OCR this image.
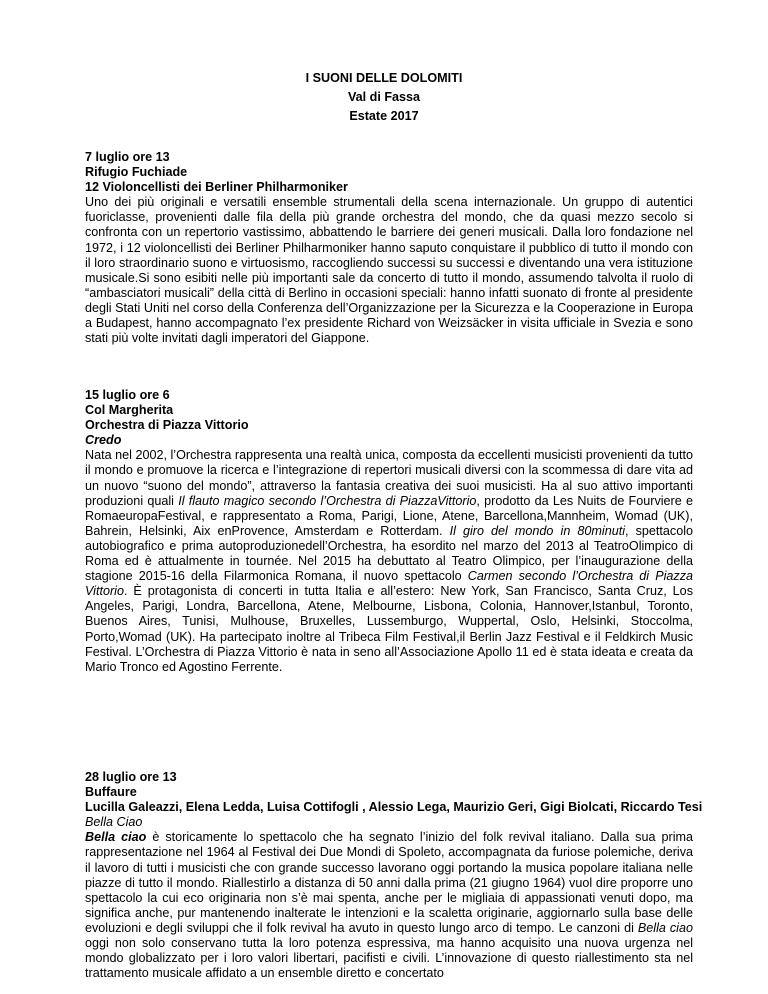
I SUONI DELLE DOLOMITI
Val di Fassa
Estate 2017
7 luglio ore 13
Rifugio Fuchiade
12 Violoncellisti dei Berliner Philharmoniker
Uno dei più originali e versatili ensemble strumentali della scena internazionale. Un gruppo di autentici fuoriclasse, provenienti dalle fila della più grande orchestra del mondo, che da quasi mezzo secolo si confronta con un repertorio vastissimo, abbattendo le barriere dei generi musicali. Dalla loro fondazione nel 1972, i 12 violoncellisti dei Berliner Philharmoniker hanno saputo conquistare il pubblico di tutto il mondo con il loro straordinario suono e virtuosismo, raccogliendo successi su successi e diventando una vera istituzione musicale.Si sono esibiti nelle più importanti sale da concerto di tutto il mondo, assumendo talvolta il ruolo di “ambasciatori musicali” della città di Berlino in occasioni speciali: hanno infatti suonato di fronte al presidente degli Stati Uniti nel corso della Conferenza dell’Organizzazione per la Sicurezza e la Cooperazione in Europa a Budapest, hanno accompagnato l’ex presidente Richard von Weizsäcker in visita ufficiale in Svezia e sono stati più volte invitati dagli imperatori del Giappone.
15 luglio ore 6
Col Margherita
Orchestra di Piazza Vittorio
Credo
Nata nel 2002, l’Orchestra rappresenta una realtà unica, composta da eccellenti musicisti provenienti da tutto il mondo e promuove la ricerca e l’integrazione di repertori musicali diversi con la scommessa di dare vita ad un nuovo “suono del mondo”, attraverso la fantasia creativa dei suoi musicisti. Ha al suo attivo importanti produzioni quali Il flauto magico secondo l’Orchestra di PiazzaVittorio, prodotto da Les Nuits de Fourviere e RomaeuropaFestival, e rappresentato a Roma, Parigi, Lione, Atene, Barcellona,Mannheim, Womad (UK), Bahrein, Helsinki, Aix enProvence, Amsterdam e Rotterdam. Il giro del mondo in 80minuti, spettacolo autobiografico e prima autoproduzionedell’Orchestra, ha esordito nel marzo del 2013 al TeatroOlimpico di Roma ed è attualmente in tournée. Nel 2015 ha debuttato al Teatro Olimpico, per l’inaugurazione della stagione 2015-16 della Filarmonica Romana, il nuovo spettacolo Carmen secondo l’Orchestra di Piazza Vittorio. È protagonista di concerti in tutta Italia e all’estero: New York, San Francisco, Santa Cruz, Los Angeles, Parigi, Londra, Barcellona, Atene, Melbourne, Lisbona, Colonia, Hannover,Istanbul, Toronto, Buenos Aires, Tunisi, Mulhouse, Bruxelles, Lussemburgo, Wuppertal, Oslo, Helsinki, Stoccolma, Porto,Womad (UK). Ha partecipato inoltre al Tribeca Film Festival,il Berlin Jazz Festival e il Feldkirch Music Festival. L’Orchestra di Piazza Vittorio è nata in seno all’Associazione Apollo 11 ed è stata ideata e creata da Mario Tronco ed Agostino Ferrente.
28 luglio ore 13
Buffaure
Lucilla Galeazzi, Elena Ledda, Luisa Cottifogli , Alessio Lega, Maurizio Geri, Gigi Biolcati, Riccardo Tesi
Bella Ciao
Bella ciao è storicamente lo spettacolo che ha segnato l’inizio del folk revival italiano. Dalla sua prima rappresentazione nel 1964 al Festival dei Due Mondi di Spoleto, accompagnata da furiose polemiche, deriva il lavoro di tutti i musicisti che con grande successo lavorano oggi portando la musica popolare italiana nelle piazze di tutto il mondo. Riallestirlo a distanza di 50 anni dalla prima (21 giugno 1964) vuol dire proporre uno spettacolo la cui eco originaria non s’è mai spenta, anche per le migliaia di appassionati venuti dopo, ma significa anche, pur mantenendo inalterate le intenzioni e la scaletta originarie, aggiornarlo sulla base delle evoluzioni e degli sviluppi che il folk revival ha avuto in questo lungo arco di tempo. Le canzoni di Bella ciao oggi non solo conservano tutta la loro potenza espressiva, ma hanno acquisito una nuova urgenza nel mondo globalizzato per i loro valori libertari, pacifisti e civili. L’innovazione di questo riallestimento sta nel trattamento musicale affidato a un ensemble diretto e concertato
